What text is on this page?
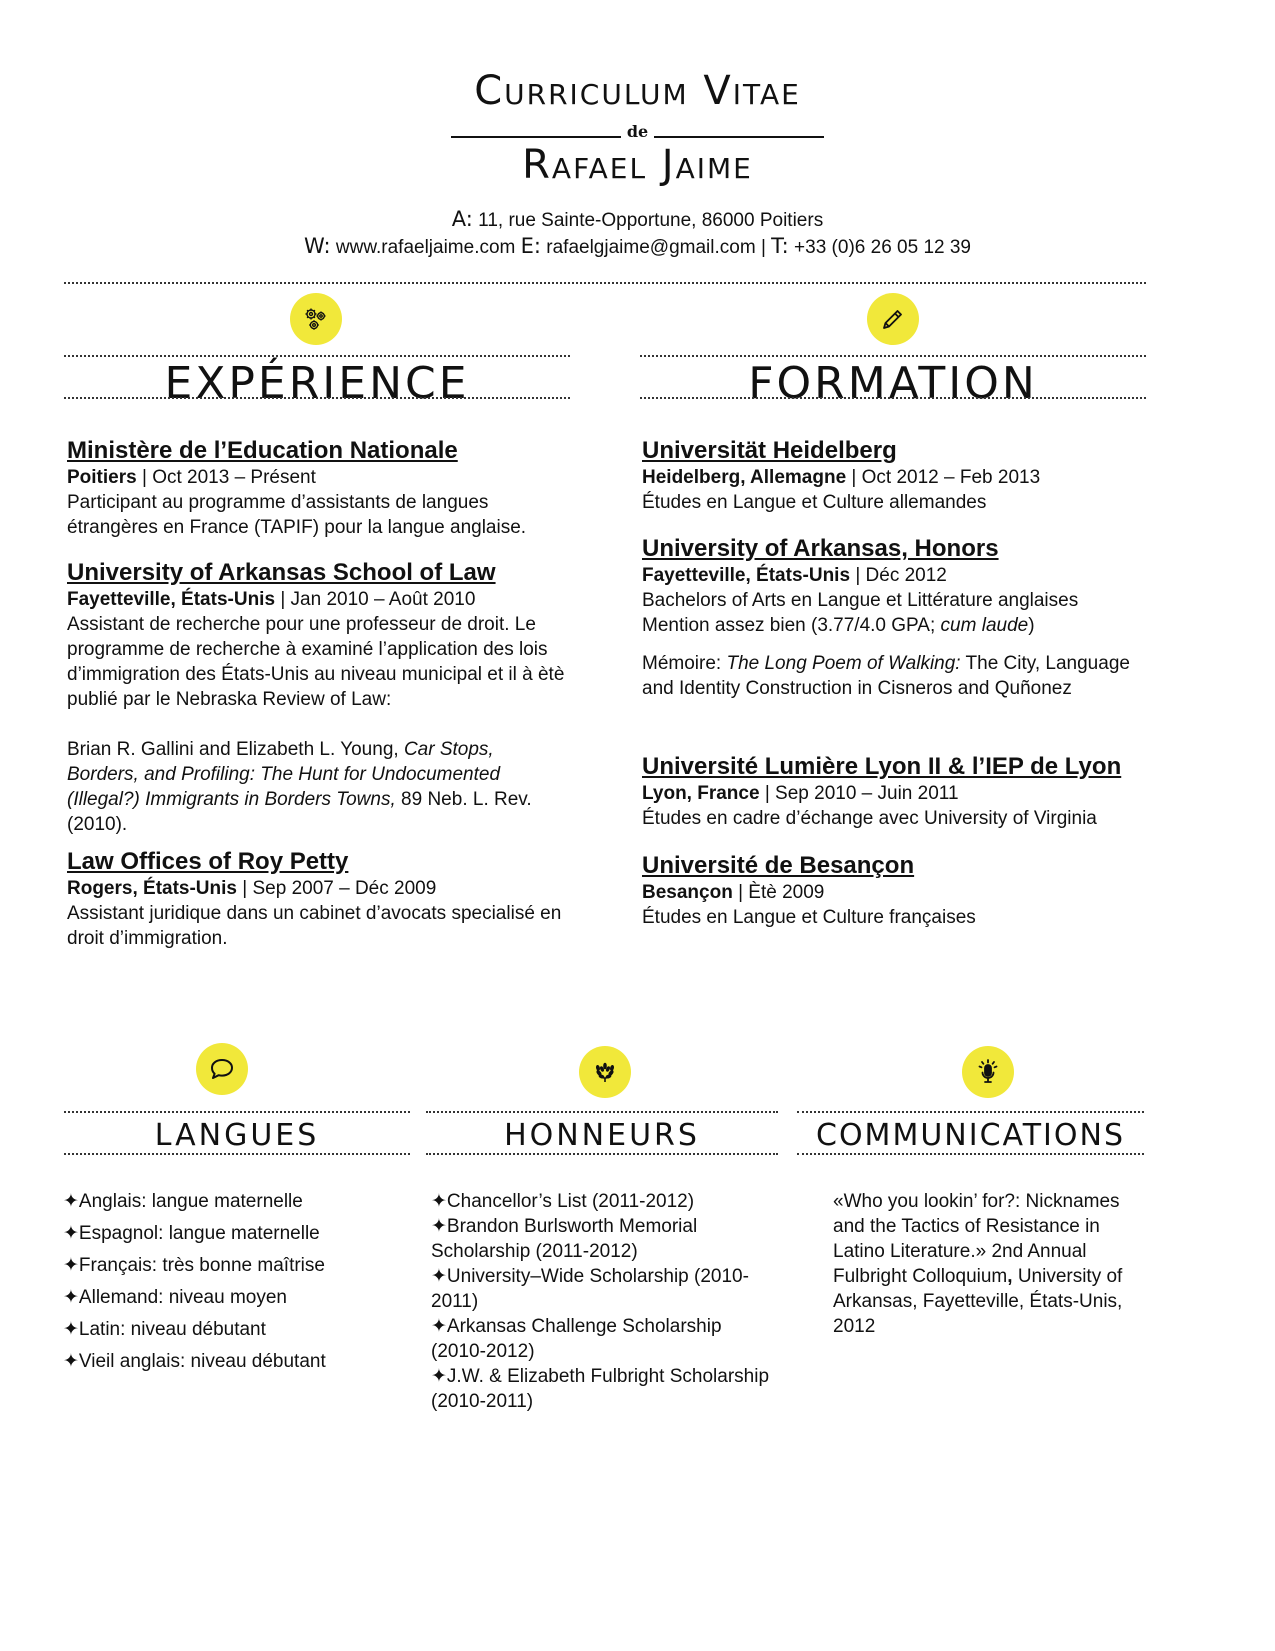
Curriculum Vitae
de
Rafael Jaime
A: 11, rue Sainte-Opportune, 86000 Poitiers
W: www.rafaeljaime.com E: rafaelgjaime@gmail.com | T: +33 (0)6 26 05 12 39
EXPÉRIENCE	FORMATION
Ministère de l’Education Nationale
Poitiers | Oct 2013 – Présent
Participant au programme d’assistants de langues étrangères en France (TAPIF) pour la langue anglaise.
University of Arkansas School of Law
Fayetteville, États-Unis | Jan 2010 – Août 2010
Assistant de recherche pour une professeur de droit. Le programme de recherche à examiné l’application des lois d’immigration des États-Unis au niveau municipal et il à ètè publié par le Nebraska Review of Law:
Brian R. Gallini and Elizabeth L. Young, Car Stops, Borders, and Profiling: The Hunt for Undocumented (Illegal?) Immigrants in Borders Towns, 89 Neb. L. Rev. (2010).
Law Offices of Roy Petty
Rogers, États-Unis | Sep 2007 – Déc 2009
Assistant juridique dans un cabinet d’avocats specialisé en droit d’immigration.
Universität Heidelberg
Heidelberg, Allemagne | Oct 2012 – Feb 2013
Études en Langue et Culture allemandes
University of Arkansas, Honors
Fayetteville, États-Unis | Déc 2012
Bachelors of Arts en Langue et Littérature anglaises
Mention assez bien (3.77/4.0 GPA; cum laude)
Mémoire: The Long Poem of Walking: The City, Language and Identity Construction in Cisneros and Quñonez
Université Lumière Lyon II & l’IEP de Lyon
Lyon, France | Sep 2010 – Juin 2011
Études en cadre d’échange avec University of Virginia
Université de Besançon
Besançon | Ètè 2009
Études en Langue et Culture françaises
LANGUES
✦Anglais: langue maternelle
✦Espagnol: langue maternelle
✦Français: très bonne maîtrise
✦Allemand: niveau moyen
✦Latin: niveau débutant
✦Vieil anglais: niveau débutant
HONNEURS
✦Chancellor’s List (2011-2012)
✦Brandon Burlsworth Memorial Scholarship (2011-2012)
✦University–Wide Scholarship (2010-2011)
✦Arkansas Challenge Scholarship (2010-2012)
✦J.W. & Elizabeth Fulbright Scholarship (2010-2011)
COMMUNICATIONS
«Who you lookin’ for?: Nicknames and the Tactics of Resistance in Latino Literature.» 2nd Annual Fulbright Colloquium, University of Arkansas, Fayetteville, États-Unis, 2012
